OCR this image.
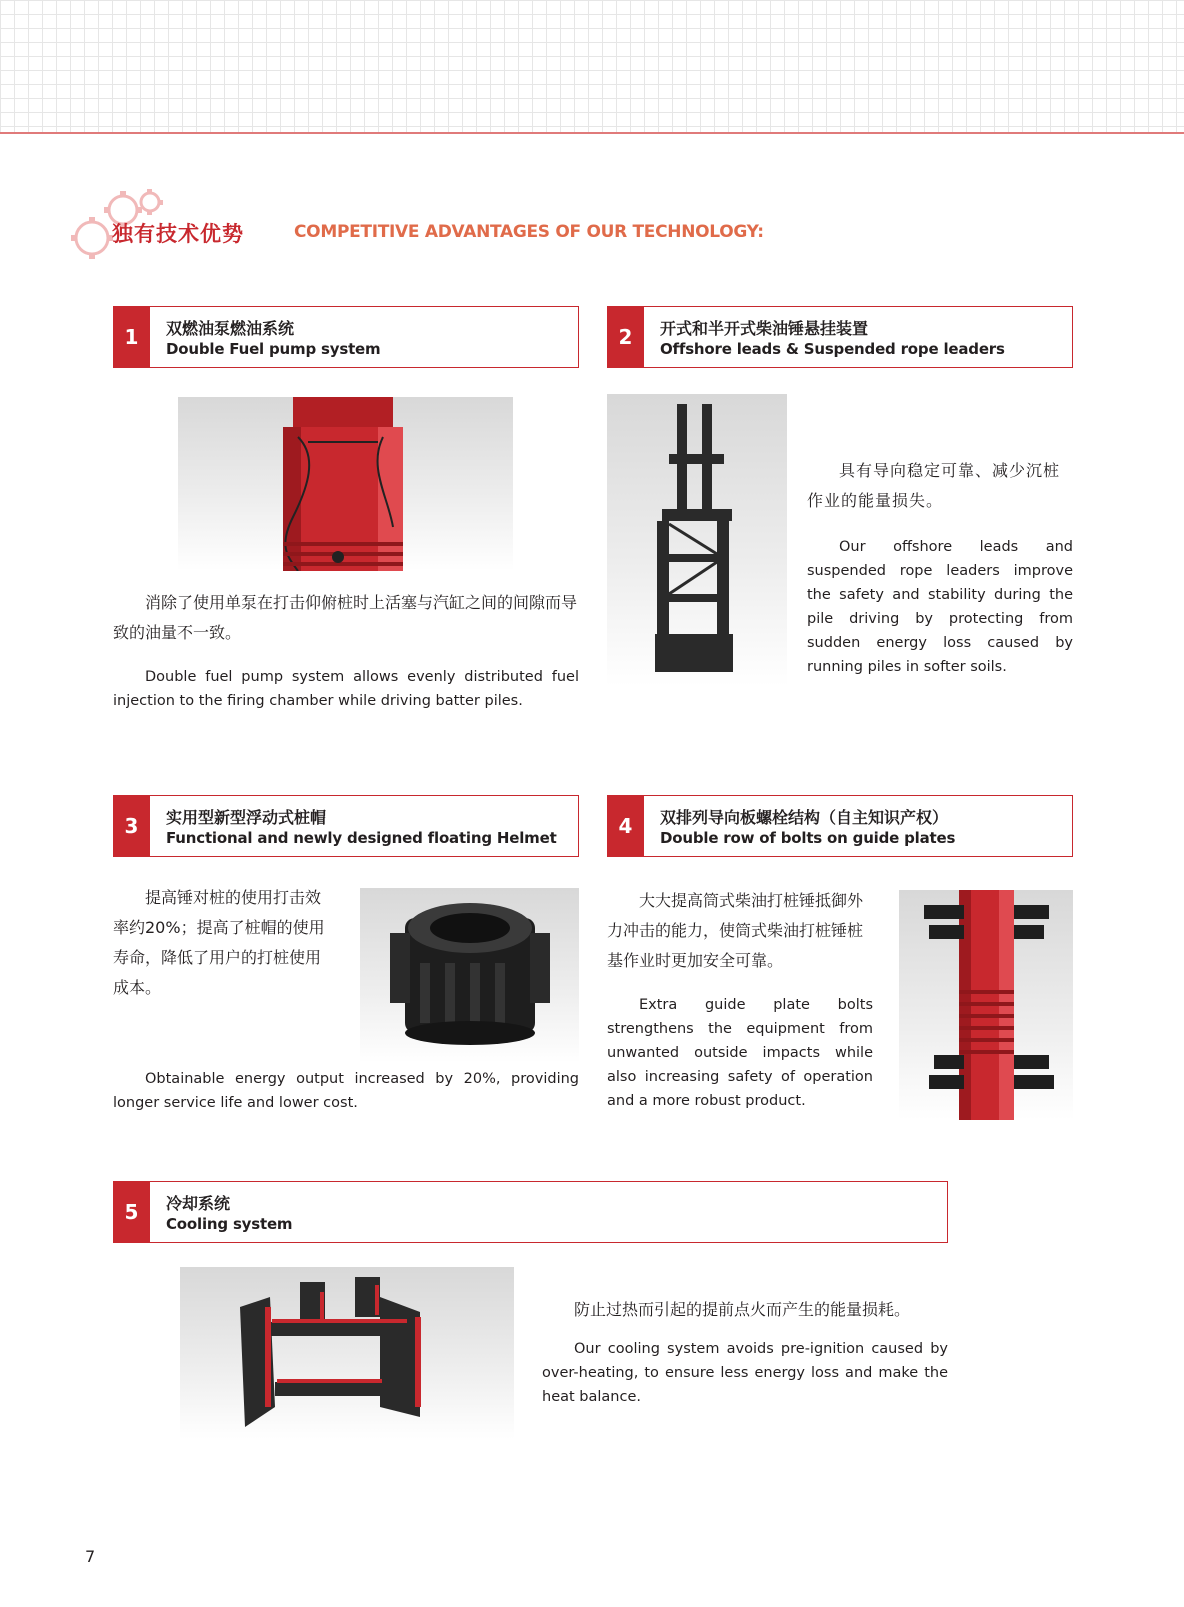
独有技术优势	COMPETITIVE ADVANTAGES OF OUR TECHNOLOGY:
1	双燃油泵燃油系统
Double Fuel pump system
消除了使用单泵在打击仰俯桩时上活塞与汽缸之间的间隙而导致的油量不一致。
Double fuel pump system allows evenly distributed fuel injection to the firing chamber while driving batter piles.
2	开式和半开式柴油锤悬挂装置
Offshore leads & Suspended rope leaders
具有导向稳定可靠、减少沉桩作业的能量损失。
Our offshore leads and suspended rope leaders improve the safety and stability during the pile driving by protecting from sudden energy loss caused by running piles in softer soils.
3	实用型新型浮动式桩帽
Functional and newly designed floating Helmet
提高锤对桩的使用打击效率约20%；提高了桩帽的使用寿命，降低了用户的打桩使用成本。
Obtainable energy output increased by 20%, providing longer service life and lower cost.
4	双排列导向板螺栓结构（自主知识产权）
Double row of bolts on guide plates
大大提高筒式柴油打桩锤抵御外力冲击的能力，使筒式柴油打桩锤桩基作业时更加安全可靠。
Extra guide plate bolts strengthens the equipment from unwanted outside impacts while also increasing safety of operation and a more robust product.
5	冷却系统
Cooling system
防止过热而引起的提前点火而产生的能量损耗。
Our cooling system avoids pre-ignition caused by over-heating, to ensure less energy loss and make the heat balance.
7
